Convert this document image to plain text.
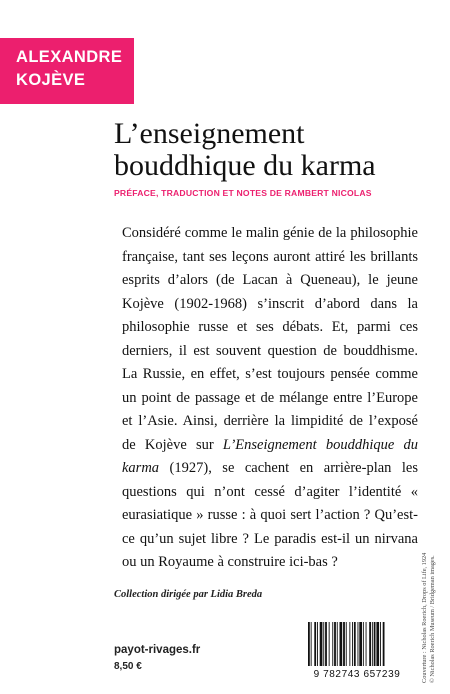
ALEXANDRE
KOJÈVE
L’enseignement
bouddhique du karma
PRÉFACE, TRADUCTION ET NOTES DE RAMBERT NICOLAS

Considéré comme le malin génie de la philosophie française, tant ses leçons auront attiré les brillants esprits d’alors (de Lacan à Queneau), le jeune Kojève (1902-1968) s’inscrit d’abord dans la philosophie russe et ses débats. Et, parmi ces derniers, il est souvent question de bouddhisme. La Russie, en effet, s’est toujours pensée comme un point de passage et de mélange entre l’Europe et l’Asie. Ainsi, derrière la limpidité de l’exposé de Kojève sur L’Enseignement bouddhique du karma (1927), se cachent en arrière-plan les questions qui n’ont cessé d’agiter l’identité « eurasiatique » russe : à quoi sert l’action ? Qu’est-ce qu’un sujet libre ? Le paradis est-il un nirvana ou un Royaume à construire ici-bas ?

Collection dirigée par Lidia Breda
payot-rivages.fr
8,50 €
9 782743 657239	Couverture : Nicholas Roerich, Drops of Life, 1924 © Nicholas Roerich Museum / Bridgeman images.
